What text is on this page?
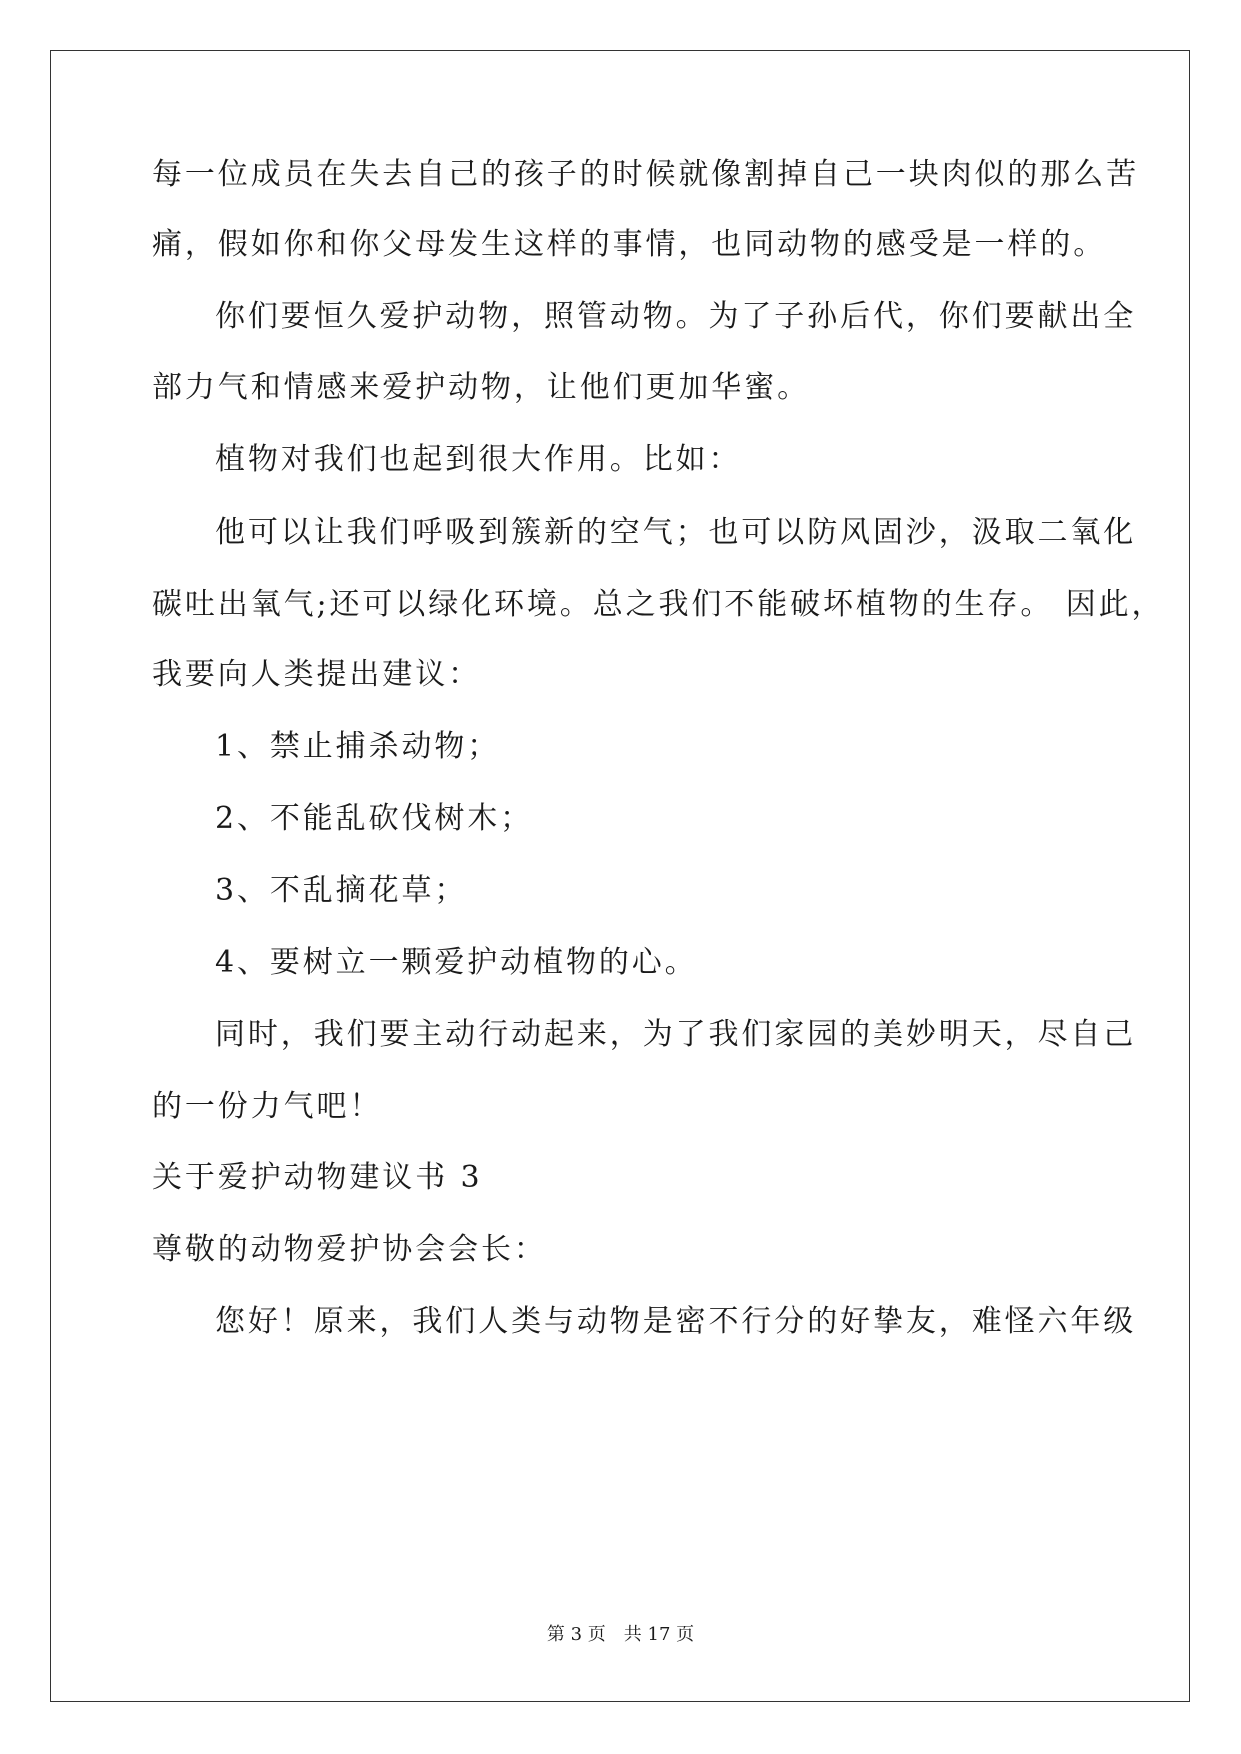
每一位成员在失去自己的孩子的时候就像割掉自己一块肉似的那么苦
痛，假如你和你父母发生这样的事情，也同动物的感受是一样的。
你们要恒久爱护动物，照管动物。为了子孙后代，你们要献出全
部力气和情感来爱护动物，让他们更加华蜜。
植物对我们也起到很大作用。比如：
他可以让我们呼吸到簇新的空气；也可以防风固沙，汲取二氧化
碳吐出氧气;还可以绿化环境。总之我们不能破坏植物的生存。 因此，
我要向人类提出建议：
1、禁止捕杀动物；
2、不能乱砍伐树木；
3、不乱摘花草；
4、要树立一颗爱护动植物的心。
同时，我们要主动行动起来，为了我们家园的美妙明天，尽自己
的一份力气吧！
关于爱护动物建议书 3
尊敬的动物爱护协会会长：
您好！原来，我们人类与动物是密不行分的好挚友，难怪六年级
第 3 页 共 17 页
